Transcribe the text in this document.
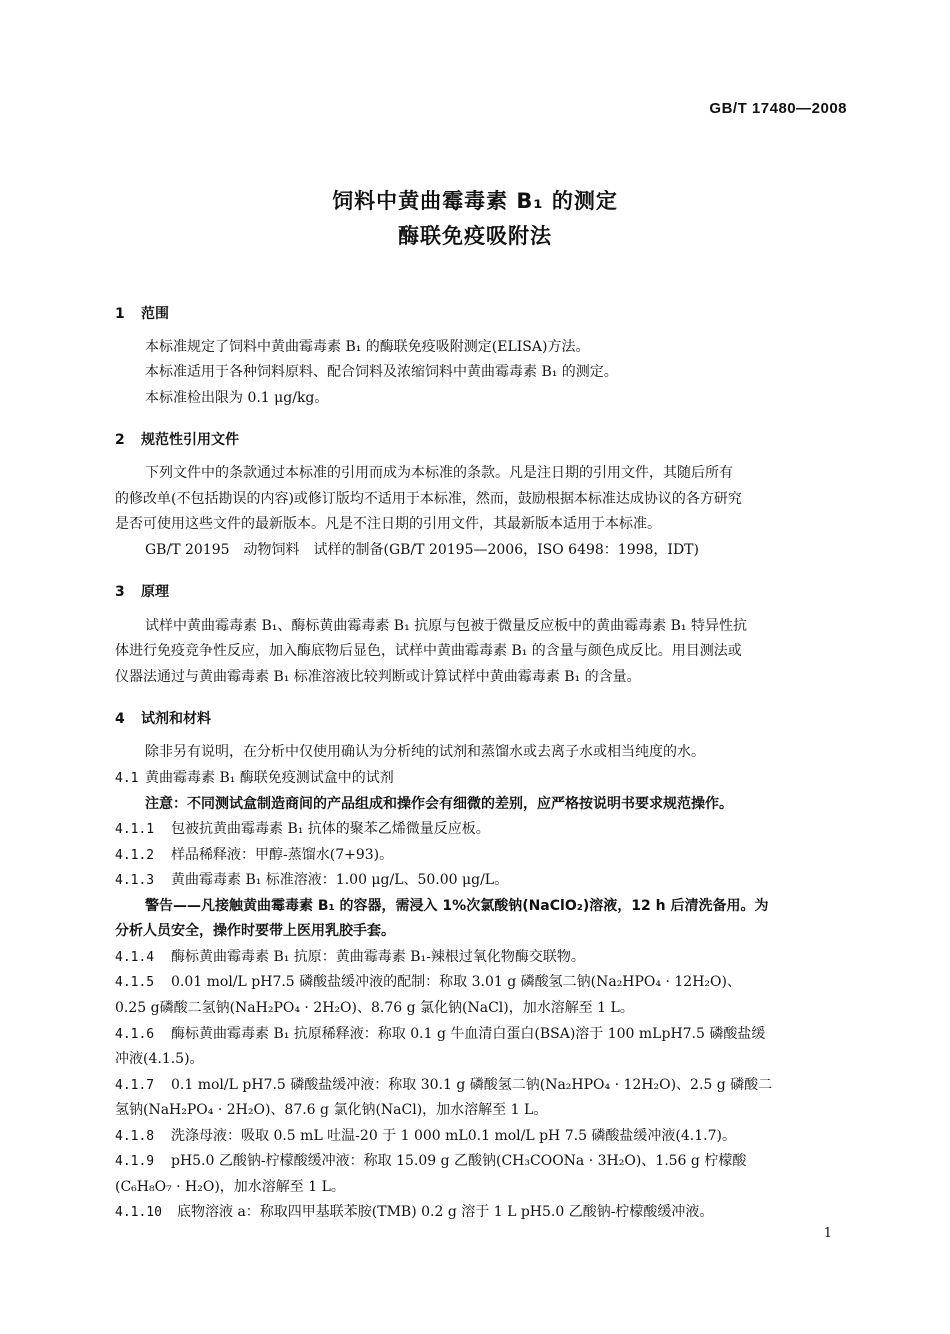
GB/T 17480—2008
饲料中黄曲霉毒素 B₁ 的测定
酶联免疫吸附法
1 范围
本标准规定了饲料中黄曲霉毒素 B₁ 的酶联免疫吸附测定(ELISA)方法。
本标准适用于各种饲料原料、配合饲料及浓缩饲料中黄曲霉毒素 B₁ 的测定。
本标准检出限为 0.1 μg/kg。
2 规范性引用文件
下列文件中的条款通过本标准的引用而成为本标准的条款。凡是注日期的引用文件，其随后所有
的修改单(不包括勘误的内容)或修订版均不适用于本标准，然而，鼓励根据本标准达成协议的各方研究
是否可使用这些文件的最新版本。凡是不注日期的引用文件，其最新版本适用于本标准。
GB/T 20195　动物饲料　试样的制备(GB/T 20195—2006，ISO 6498：1998，IDT)
3 原理
试样中黄曲霉毒素 B₁、酶标黄曲霉毒素 B₁ 抗原与包被于微量反应板中的黄曲霉毒素 B₁ 特异性抗
体进行免疫竞争性反应，加入酶底物后显色，试样中黄曲霉毒素 B₁ 的含量与颜色成反比。用目测法或
仪器法通过与黄曲霉毒素 B₁ 标准溶液比较判断或计算试样中黄曲霉毒素 B₁ 的含量。
4 试剂和材料
除非另有说明，在分析中仅使用确认为分析纯的试剂和蒸馏水或去离子水或相当纯度的水。
4.1 黄曲霉毒素 B₁ 酶联免疫测试盒中的试剂
注意：不同测试盒制造商间的产品组成和操作会有细微的差别，应严格按说明书要求规范操作。
4.1.1 包被抗黄曲霉毒素 B₁ 抗体的聚苯乙烯微量反应板。
4.1.2 样品稀释液：甲醇-蒸馏水(7+93)。
4.1.3 黄曲霉毒素 B₁ 标准溶液：1.00 μg/L、50.00 μg/L。
警告——凡接触黄曲霉毒素 B₁ 的容器，需浸入 1%次氯酸钠(NaClO₂)溶液，12 h 后清洗备用。为
分析人员安全，操作时要带上医用乳胶手套。
4.1.4 酶标黄曲霉毒素 B₁ 抗原：黄曲霉毒素 B₁-辣根过氧化物酶交联物。
4.1.5 0.01 mol/L pH7.5 磷酸盐缓冲液的配制：称取 3.01 g 磷酸氢二钠(Na₂HPO₄ · 12H₂O)、
0.25 g磷酸二氢钠(NaH₂PO₄ · 2H₂O)、8.76 g 氯化钠(NaCl)，加水溶解至 1 L。
4.1.6 酶标黄曲霉毒素 B₁ 抗原稀释液：称取 0.1 g 牛血清白蛋白(BSA)溶于 100 mLpH7.5 磷酸盐缓
冲液(4.1.5)。
4.1.7 0.1 mol/L pH7.5 磷酸盐缓冲液：称取 30.1 g 磷酸氢二钠(Na₂HPO₄ · 12H₂O)、2.5 g 磷酸二
氢钠(NaH₂PO₄ · 2H₂O)、87.6 g 氯化钠(NaCl)，加水溶解至 1 L。
4.1.8 洗涤母液：吸取 0.5 mL 吐温-20 于 1 000 mL0.1 mol/L pH 7.5 磷酸盐缓冲液(4.1.7)。
4.1.9 pH5.0 乙酸钠-柠檬酸缓冲液：称取 15.09 g 乙酸钠(CH₃COONa · 3H₂O)、1.56 g 柠檬酸
(C₆H₈O₇ · H₂O)，加水溶解至 1 L。
4.1.10 底物溶液 a：称取四甲基联苯胺(TMB) 0.2 g 溶于 1 L pH5.0 乙酸钠-柠檬酸缓冲液。
1
